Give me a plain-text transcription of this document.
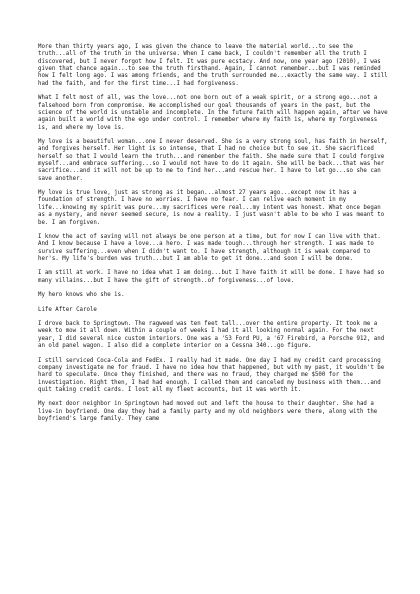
More than thirty years ago, I was given the chance to leave the material world...to see the truth...all of the truth in the universe. When I came back, I couldn't remember all the truth I discovered, but I never forgot how I felt. It was pure ecstacy. And now, one year ago (2010), I was given that chance again...to see the truth firsthand. Again, I cannot remember...but I was reminded how I felt long ago. I was among friends, and the truth surrounded me...exactly the same way. I still had the faith, and for the first time...I had forgiveness.

What I felt most of all, was the love...not one born out of a weak spirit, or a strong ego...not a falsehood born from compromise. We accomplished our goal thousands of years in the past, but the science of the world is unstable and incomplete. In the future faith will happen again, after we have again built a world with the ego under control. I remember where my faith is, where my forgiveness is, and where my love is.

My love is a beautiful woman...one I never deserved. She is a very strong soul, has faith in herself, and forgives herself. Her light is so intense, that I had no choice but to see it. She sacrificed herself so that I would learn the truth...and remember the faith. She made sure that I could forgive myself...and embrace suffering...so I would not have to do it again. She will be back...that was her sacrifice...and it will not be up to me to find her...and rescue her. I have to let go...so she can save another.

My love is true love, just as strong as it began...almost 27 years ago...except now it has a foundation of strength. I have no worries. I have no fear. I can relive each moment in my life...knowing my spirit was pure...my sacrifices were real...my intent was honest. What once began as a mystery, and never seemed secure, is now a reality. I just wasn't able to be who I was meant to be. I am forgiven.

I know the act of saving will not always be one person at a time, but for now I can live with that. And I know because I have a love...a hero. I was made tough...through her strength. I was made to survive suffering...even when I didn't want to. I have strength, although it is weak compared to her's. My life's burden was truth...but I am able to get it done...and soon I will be done.

I am still at work. I have no idea what I am doing...but I have faith it will be done. I have had so many villains...but I have the gift of strength..of forgiveness...of love.

My hero knows who she is.

Life After Carole

I drove back to Springtown. The ragweed was ten feet tall...over the entire property. It took me a week to mow it all down. Within a couple of weeks I had it all looking normal again. For the next year, I did several nice custom interiors. One was a '53 Ford PU, a '67 Firebird, a Porsche 912, and an old panel wagon. I also did a complete interior on a Cessna 340...go figure.

I still serviced Coca-Cola and FedEx. I really had it made. One day I had my credit card processing company investigate me for fraud. I have no idea how that happened, but with my past, it wouldn't be hard to speculate. Once they finished, and there was no fraud, they charged me $500 for the investigation. Right then, I had had enough. I called them and canceled my business with them...and quit taking credit cards. I lost all my fleet accounts, but it was worth it.

My next door neighbor in Springtown had moved out and left the house to their daughter. She had a live-in boyfriend. One day they had a family party and my old neighbors were there, along with the boyfriend's large family. They came
